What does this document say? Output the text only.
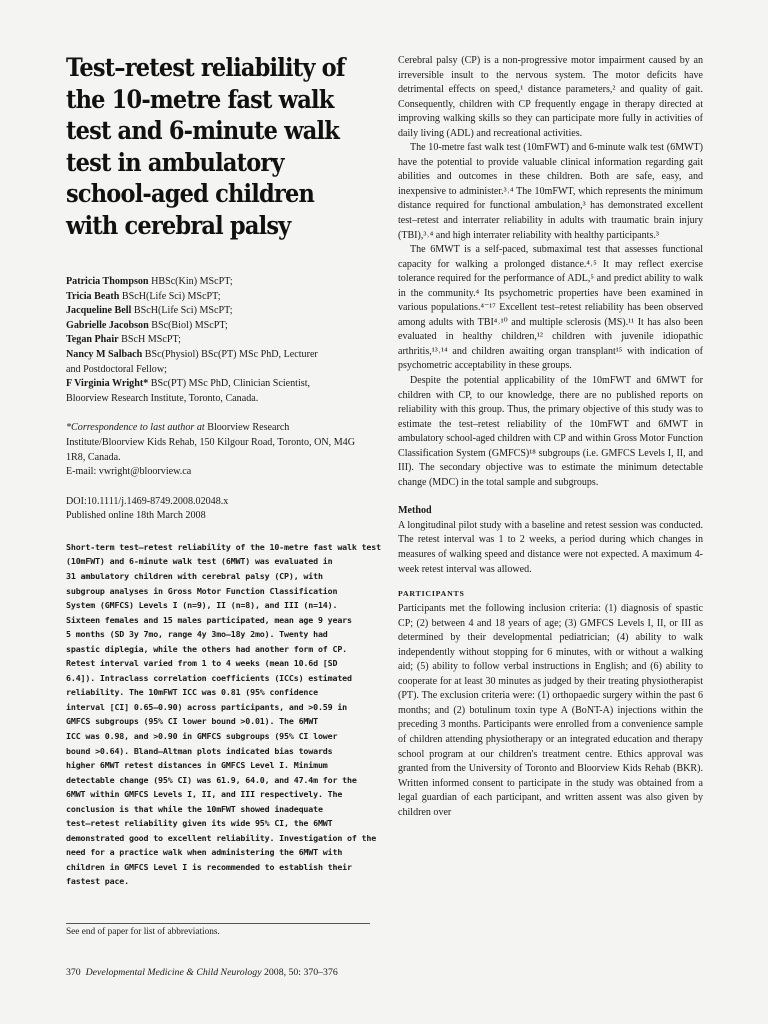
Test–retest reliability of the 10-metre fast walk test and 6-minute walk test in ambulatory school-aged children with cerebral palsy
Patricia Thompson HBSc(Kin) MScPT;
Tricia Beath BScH(Life Sci) MScPT;
Jacqueline Bell BScH(Life Sci) MScPT;
Gabrielle Jacobson BSc(Biol) MScPT;
Tegan Phair BScH MScPT;
Nancy M Salbach BSc(Physiol) BSc(PT) MSc PhD, Lecturer
and Postdoctoral Fellow;
F Virginia Wright* BSc(PT) MSc PhD, Clinician Scientist,
Bloorview Research Institute, Toronto, Canada.
*Correspondence to last author at Bloorview Research Institute/Bloorview Kids Rehab, 150 Kilgour Road, Toronto, ON, M4G 1R8, Canada.
E-mail: vwright@bloorview.ca
DOI:10.1111/j.1469-8749.2008.02048.x
Published online 18th March 2008
Short-term test–retest reliability of the 10-metre fast walk test
(10mFWT) and 6-minute walk test (6MWT) was evaluated in
31 ambulatory children with cerebral palsy (CP), with
subgroup analyses in Gross Motor Function Classification
System (GMFCS) Levels I (n=9), II (n=8), and III (n=14).
Sixteen females and 15 males participated, mean age 9 years
5 months (SD 3y 7mo, range 4y 3mo–18y 2mo). Twenty had
spastic diplegia, while the others had another form of CP.
Retest interval varied from 1 to 4 weeks (mean 10.6d [SD
6.4]). Intraclass correlation coefficients (ICCs) estimated
reliability. The 10mFWT ICC was 0.81 (95% confidence
interval [CI] 0.65–0.90) across participants, and >0.59 in
GMFCS subgroups (95% CI lower bound >0.01). The 6MWT
ICC was 0.98, and >0.90 in GMFCS subgroups (95% CI lower
bound >0.64). Bland–Altman plots indicated bias towards
higher 6MWT retest distances in GMFCS Level I. Minimum
detectable change (95% CI) was 61.9, 64.0, and 47.4m for the
6MWT within GMFCS Levels I, II, and III respectively. The
conclusion is that while the 10mFWT showed inadequate
test–retest reliability given its wide 95% CI, the 6MWT
demonstrated good to excellent reliability. Investigation of the
need for a practice walk when administering the 6MWT with
children in GMFCS Level I is recommended to establish their
fastest pace.
See end of paper for list of abbreviations.
370 Developmental Medicine & Child Neurology 2008, 50: 370–376

Cerebral palsy (CP) is a non-progressive motor impairment caused by an irreversible insult to the nervous system. The motor deficits have detrimental effects on speed,¹ distance parameters,² and quality of gait. Consequently, children with CP frequently engage in therapy directed at improving walking skills so they can participate more fully in activities of daily living (ADL) and recreational activities.

The 10-metre fast walk test (10mFWT) and 6-minute walk test (6MWT) have the potential to provide valuable clinical information regarding gait abilities and outcomes in these children. Both are safe, easy, and inexpensive to administer.³˒⁴ The 10mFWT, which represents the minimum distance required for functional ambulation,³ has demonstrated excellent test–retest and interrater reliability in adults with traumatic brain injury (TBI),³˒⁴ and high interrater reliability with healthy participants.³

The 6MWT is a self-paced, submaximal test that assesses functional capacity for walking a prolonged distance.⁴˒⁵ It may reflect exercise tolerance required for the performance of ADL,⁵ and predict ability to walk in the community.⁴ Its psychometric properties have been examined in various populations.⁴⁻¹⁷ Excellent test–retest reliability has been observed among adults with TBI⁴˒¹⁰ and multiple sclerosis (MS).¹¹ It has also been evaluated in healthy children,¹² children with juvenile idiopathic arthritis,¹³˒¹⁴ and children awaiting organ transplant¹⁵ with indication of psychometric acceptability in these groups.

Despite the potential applicability of the 10mFWT and 6MWT for children with CP, to our knowledge, there are no published reports on reliability with this group. Thus, the primary objective of this study was to estimate the test–retest reliability of the 10mFWT and 6MWT in ambulatory school-aged children with CP and within Gross Motor Function Classification System (GMFCS)¹⁸ subgroups (i.e. GMFCS Levels I, II, and III). The secondary objective was to estimate the minimum detectable change (MDC) in the total sample and subgroups.

Method

A longitudinal pilot study with a baseline and retest session was conducted. The retest interval was 1 to 2 weeks, a period during which changes in measures of walking speed and distance were not expected. A maximum 4-week retest interval was allowed.

PARTICIPANTS

Participants met the following inclusion criteria: (1) diagnosis of spastic CP; (2) between 4 and 18 years of age; (3) GMFCS Levels I, II, or III as determined by their developmental pediatrician; (4) ability to walk independently without stopping for 6 minutes, with or without a walking aid; (5) ability to follow verbal instructions in English; and (6) ability to cooperate for at least 30 minutes as judged by their treating physiotherapist (PT). The exclusion criteria were: (1) orthopaedic surgery within the past 6 months; and (2) botulinum toxin type A (BoNT-A) injections within the preceding 3 months. Participants were enrolled from a convenience sample of children attending physiotherapy or an integrated education and therapy school program at our children's treatment centre. Ethics approval was granted from the University of Toronto and Bloorview Kids Rehab (BKR). Written informed consent to participate in the study was obtained from a legal guardian of each participant, and written assent was also given by children over
